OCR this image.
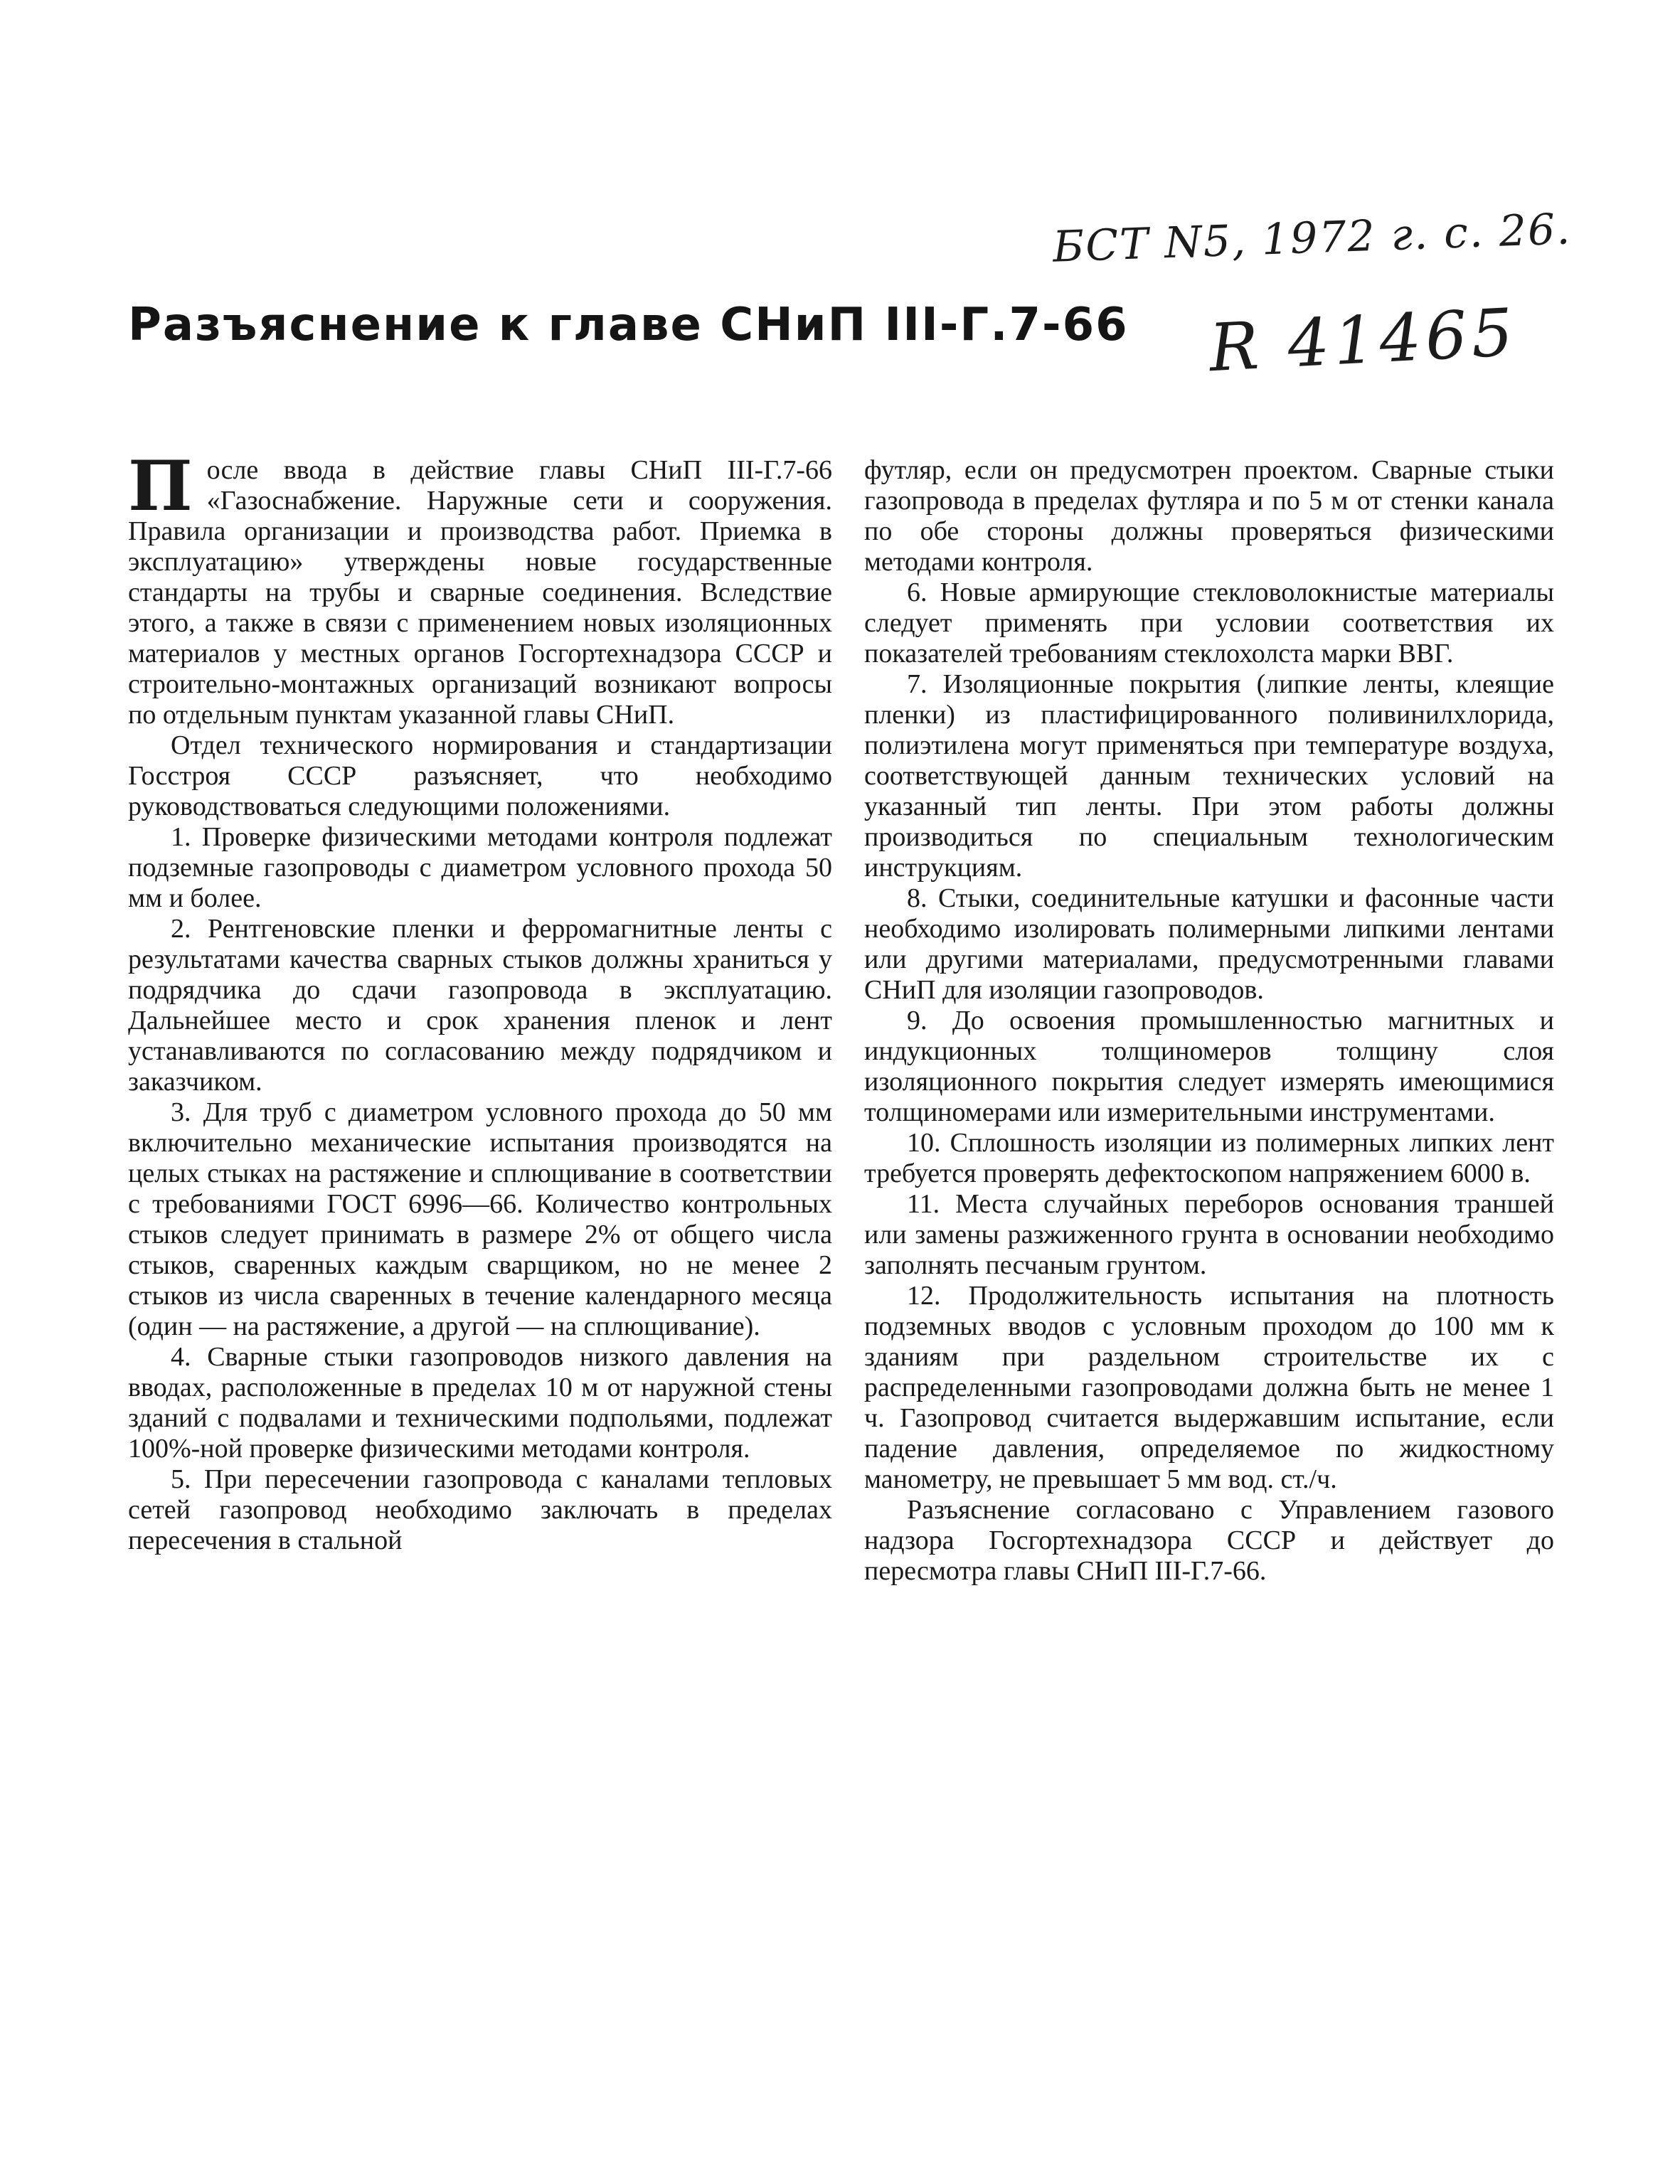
БСТ N5, 1972 г. с. 26.
R 41465
Разъяснение к главе СНиП III-Г.7-66

После ввода в действие главы СНиП III-Г.7-66 «Газоснабжение. Наружные сети и сооружения. Правила организации и производства работ. Приемка в эксплуатацию» утверждены новые государственные стандарты на трубы и сварные соединения. Вследствие этого, а также в связи с применением новых изоляционных материалов у местных органов Госгортехнадзора СССР и строительно-монтажных организаций возникают вопросы по отдельным пунктам указанной главы СНиП.

Отдел технического нормирования и стандартизации Госстроя СССР разъясняет, что необходимо руководствоваться следующими положениями.

1. Проверке физическими методами контроля подлежат подземные газопроводы с диаметром условного прохода 50 мм и более.

2. Рентгеновские пленки и ферромагнитные ленты с результатами качества сварных стыков должны храниться у подрядчика до сдачи газопровода в эксплуатацию. Дальнейшее место и срок хранения пленок и лент устанавливаются по согласованию между подрядчиком и заказчиком.

3. Для труб с диаметром условного прохода до 50 мм включительно механические испытания производятся на целых стыках на растяжение и сплющивание в соответствии с требованиями ГОСТ 6996—66. Количество контрольных стыков следует принимать в размере 2% от общего числа стыков, сваренных каждым сварщиком, но не менее 2 стыков из числа сваренных в течение календарного месяца (один — на растяжение, а другой — на сплющивание).

4. Сварные стыки газопроводов низкого давления на вводах, расположенные в пределах 10 м от наружной стены зданий с подвалами и техническими подпольями, подлежат 100%-ной проверке физическими методами контроля.

5. При пересечении газопровода с каналами тепловых сетей газопровод необходимо заключать в пределах пересечения в стальной

футляр, если он предусмотрен проектом. Сварные стыки газопровода в пределах футляра и по 5 м от стенки канала по обе стороны должны проверяться физическими методами контроля.

6. Новые армирующие стекловолокнистые материалы следует применять при условии соответствия их показателей требованиям стеклохолста марки ВВГ.

7. Изоляционные покрытия (липкие ленты, клеящие пленки) из пластифицированного поливинилхлорида, полиэтилена могут применяться при температуре воздуха, соответствующей данным технических условий на указанный тип ленты. При этом работы должны производиться по специальным технологическим инструкциям.

8. Стыки, соединительные катушки и фасонные части необходимо изолировать полимерными липкими лентами или другими материалами, предусмотренными главами СНиП для изоляции газопроводов.

9. До освоения промышленностью магнитных и индукционных толщиномеров толщину слоя изоляционного покрытия следует измерять имеющимися толщиномерами или измерительными инструментами.

10. Сплошность изоляции из полимерных липких лент требуется проверять дефектоскопом напряжением 6000 в.

11. Места случайных переборов основания траншей или замены разжиженного грунта в основании необходимо заполнять песчаным грунтом.

12. Продолжительность испытания на плотность подземных вводов с условным проходом до 100 мм к зданиям при раздельном строительстве их с распределенными газопроводами должна быть не менее 1 ч. Газопровод считается выдержавшим испытание, если падение давления, определяемое по жидкостному манометру, не превышает 5 мм вод. ст./ч.

Разъяснение согласовано с Управлением газового надзора Госгортехнадзора СССР и действует до пересмотра главы СНиП III-Г.7-66.
